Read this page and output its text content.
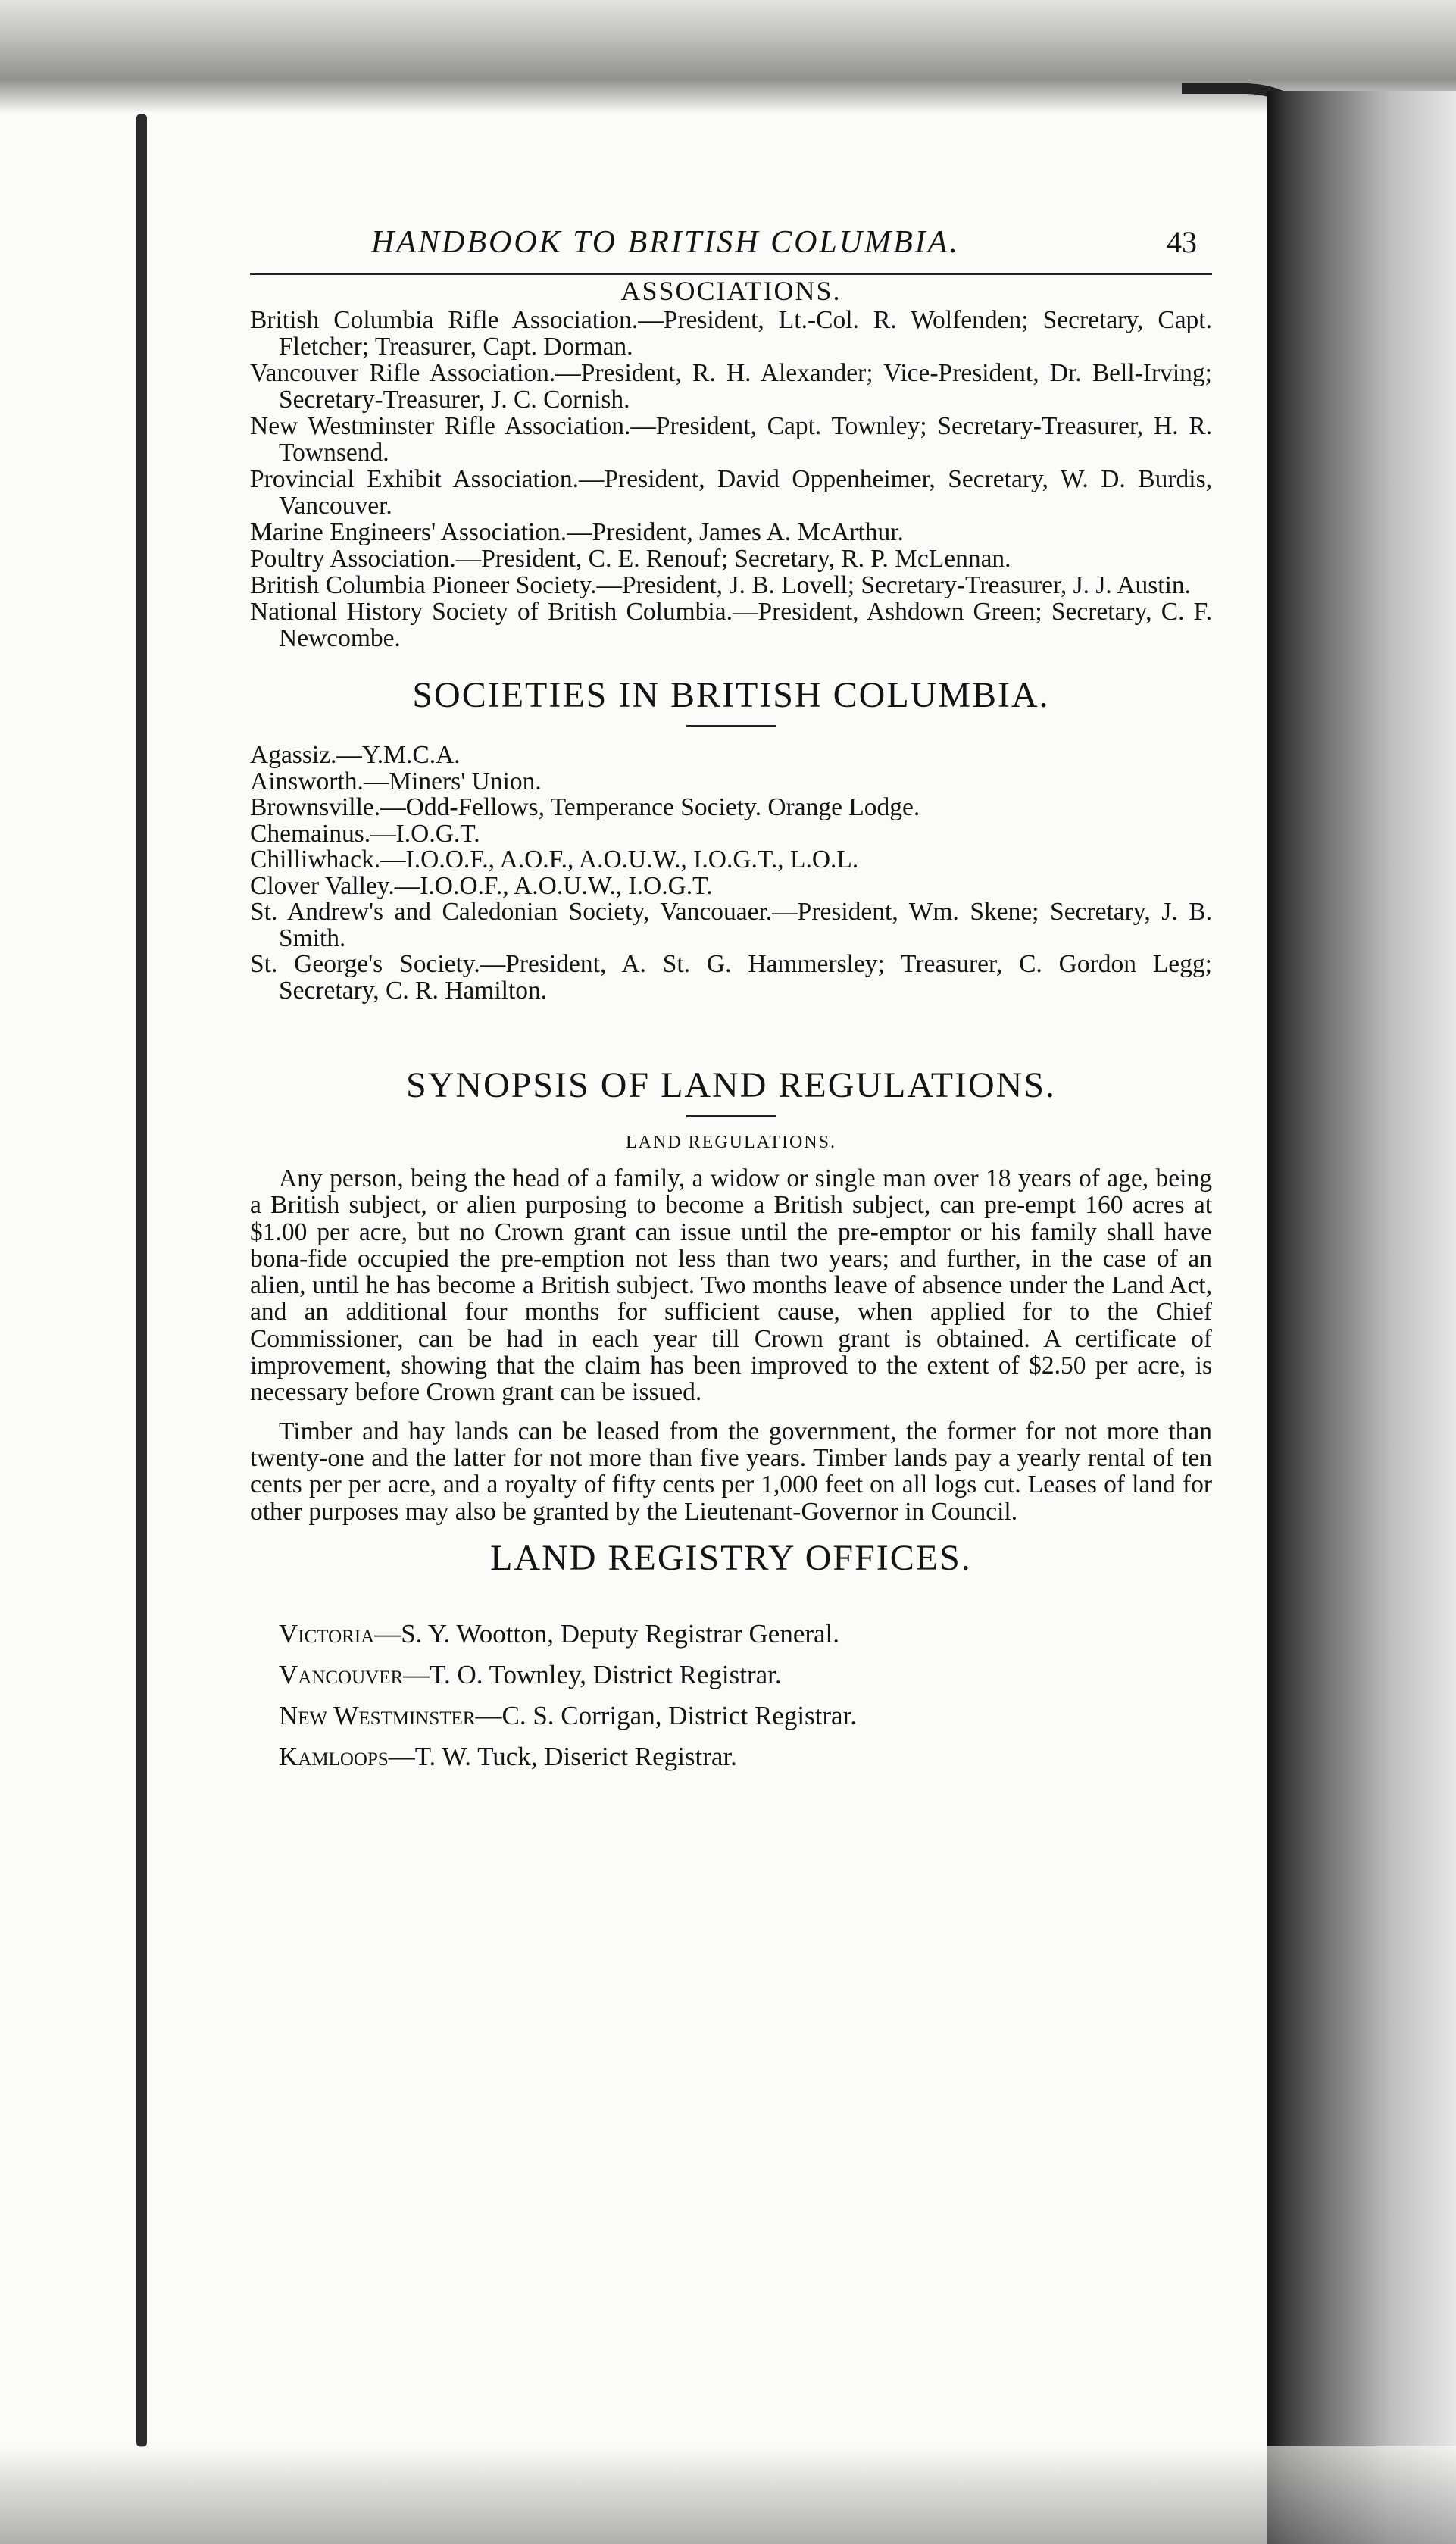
HANDBOOK TO BRITISH COLUMBIA.	43
ASSOCIATIONS.
British Columbia Rifle Association.—President, Lt.-Col. R. Wolfenden; Secretary, Capt. Fletcher; Treasurer, Capt. Dorman.
Vancouver Rifle Association.—President, R. H. Alexander; Vice-President, Dr. Bell-Irving; Secretary-Treasurer, J. C. Cornish.
New Westminster Rifle Association.—President, Capt. Townley; Secretary-Treasurer, H. R. Townsend.
Provincial Exhibit Association.—President, David Oppenheimer, Secretary, W. D. Burdis, Vancouver.
Marine Engineers' Association.—President, James A. McArthur.
Poultry Association.—President, C. E. Renouf; Secretary, R. P. McLennan.
British Columbia Pioneer Society.—President, J. B. Lovell; Secretary-Treasurer, J. J. Austin.
National History Society of British Columbia.—President, Ashdown Green; Secretary, C. F. Newcombe.
SOCIETIES IN BRITISH COLUMBIA.
Agassiz.—Y.M.C.A.
Ainsworth.—Miners' Union.
Brownsville.—Odd-Fellows, Temperance Society. Orange Lodge.
Chemainus.—I.O.G.T.
Chilliwhack.—I.O.O.F., A.O.F., A.O.U.W., I.O.G.T., L.O.L.
Clover Valley.—I.O.O.F., A.O.U.W., I.O.G.T.
St. Andrew's and Caledonian Society, Vancouaer.—President, Wm. Skene; Secretary, J. B. Smith.
St. George's Society.—President, A. St. G. Hammersley; Treasurer, C. Gordon Legg; Secretary, C. R. Hamilton.
SYNOPSIS OF LAND REGULATIONS.
LAND REGULATIONS.

Any person, being the head of a family, a widow or single man over 18 years of age, being a British subject, or alien purposing to become a British subject, can pre-empt 160 acres at $1.00 per acre, but no Crown grant can issue until the pre-emptor or his family shall have bona-fide occupied the pre-emption not less than two years; and further, in the case of an alien, until he has become a British subject. Two months leave of absence under the Land Act, and an additional four months for sufficient cause, when applied for to the Chief Commissioner, can be had in each year till Crown grant is obtained. A certificate of improvement, showing that the claim has been improved to the extent of $2.50 per acre, is necessary before Crown grant can be issued.

Timber and hay lands can be leased from the government, the former for not more than twenty-one and the latter for not more than five years. Timber lands pay a yearly rental of ten cents per per acre, and a royalty of fifty cents per 1,000 feet on all logs cut. Leases of land for other purposes may also be granted by the Lieutenant-Governor in Council.

LAND REGISTRY OFFICES.
Victoria—S. Y. Wootton, Deputy Registrar General.
Vancouver—T. O. Townley, District Registrar.
New Westminster—C. S. Corrigan, District Registrar.
Kamloops—T. W. Tuck, Diserict Registrar.
